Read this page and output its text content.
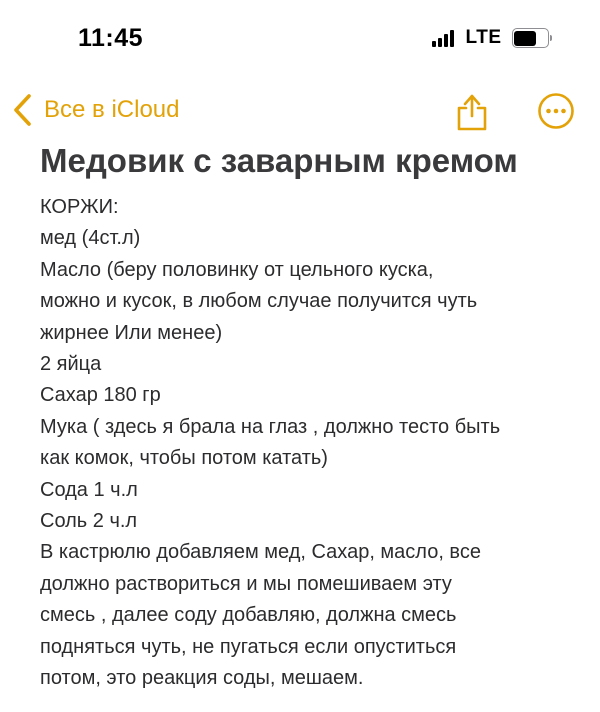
11:45	LTE
Все в iCloud
Медовик с заварным кремом
КОРЖИ:
мед (4ст.л)
Масло (беру половинку от цельного куска,
можно и кусок, в любом случае получится чуть
жирнее Или менее)
2 яйца
Сахар 180 гр
Мука ( здесь я брала на глаз , должно тесто быть
как комок, чтобы потом катать)
Сода 1 ч.л
Соль 2 ч.л
В кастрюлю добавляем мед, Сахар, масло, все
должно раствориться и мы помешиваем эту
смесь , далее соду добавляю, должна смесь
подняться чуть, не пугаться если опуститься
потом, это реакция соды, мешаем.
